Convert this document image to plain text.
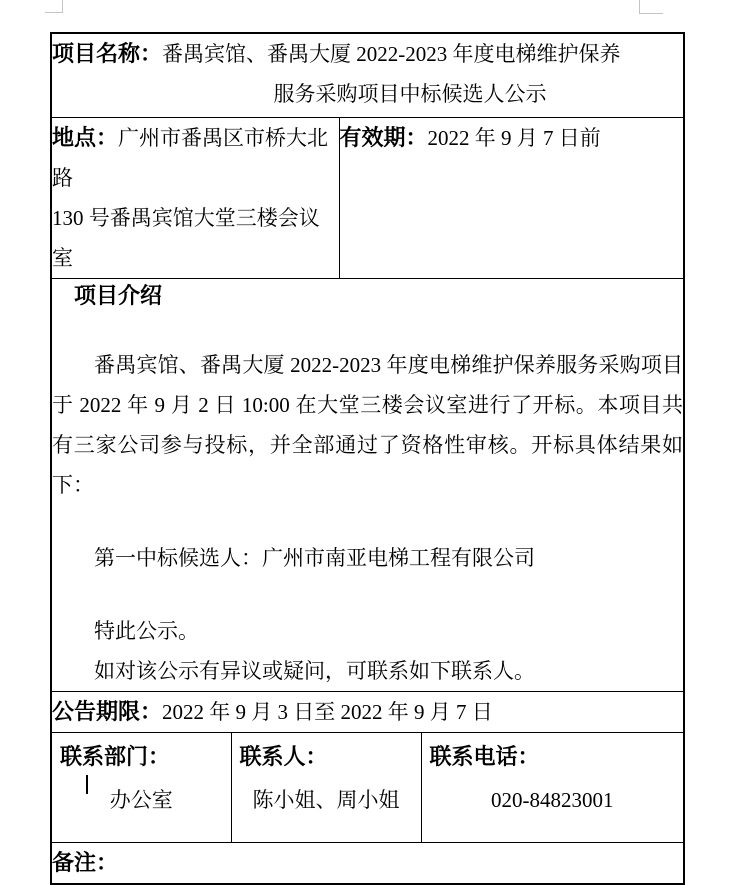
项目名称：番禺宾馆、番禺大厦 2022-2023 年度电梯维护保养
服务采购项目中标候选人公示			

地点：广州市番禺区市桥大北路
130 号番禺宾馆大堂三楼会议室		有效期：2022 年 9 月 7 日前	

项目介绍
番禺宾馆、番禺大厦 2022-2023 年度电梯维护保养服务采购项目于 2022 年 9 月 2 日 10:00 在大堂三楼会议室进行了开标。本项目共有三家公司参与投标，并全部通过了资格性审核。开标具体结果如下：
第一中标候选人：广州市南亚电梯工程有限公司
特此公示。
如对该公示有异议或疑问，可联系如下联系人。			

公告期限：2022 年 9 月 3 日至 2022 年 9 月 7 日			

联系部门：
办公室

联系人：
陈小姐、周小姐

联系电话：
020-84823001

备注：			
